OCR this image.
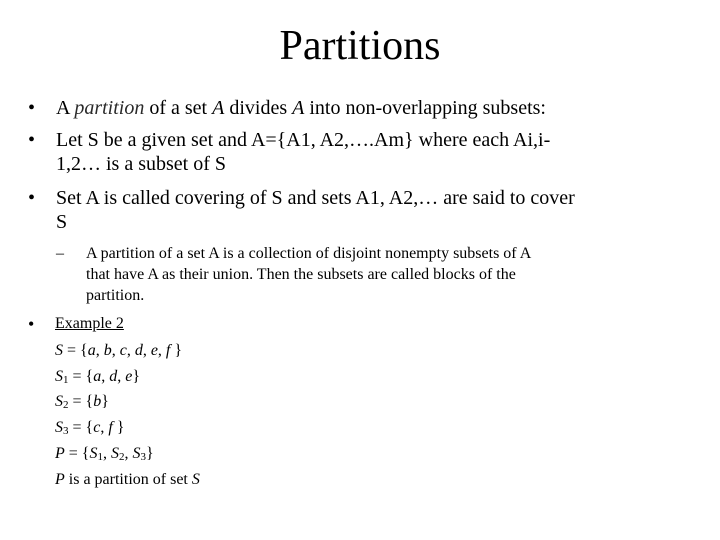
Partitions
• A partition of a set A divides A into non-overlapping subsets:
• Let S be a given set and A={A1, A2,….Am} where each Ai,i-
1,2… is a subset of S
• Set A is called covering of S and sets A1, A2,… are said to cover
S
– A partition of a set A is a collection of disjoint nonempty subsets of A
that have A as their union. Then the subsets are called blocks of the
partition.
• Example 2
S = {a, b, c, d, e, f }
$S_1 = \{a$, d, e}
$S_2 = \{b\}$
$S_3 = \{c$, f }
$P = \{S_1$, $S_2$, $S_3$}
P is a partition of set S
